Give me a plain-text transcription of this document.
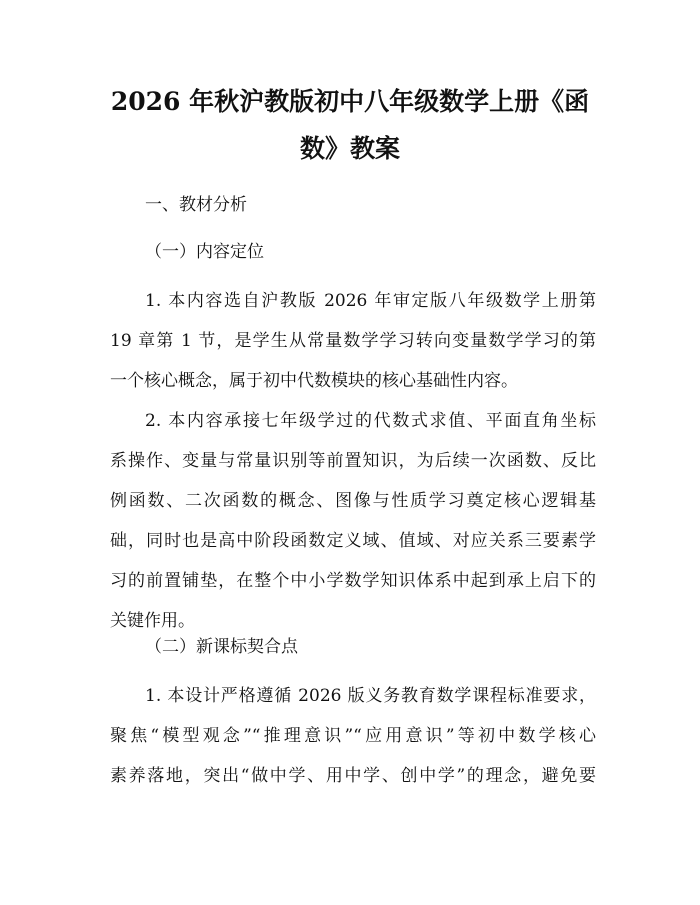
2026 年秋沪教版初中八年级数学上册《函
数》教案
一、教材分析
（一）内容定位
1. 本内容选自沪教版 2026 年审定版八年级数学上册第
19 章第 1 节，是学生从常量数学学习转向变量数学学习的第
一个核心概念，属于初中代数模块的核心基础性内容。
2. 本内容承接七年级学过的代数式求值、平面直角坐标
系操作、变量与常量识别等前置知识，为后续一次函数、反比
例函数、二次函数的概念、图像与性质学习奠定核心逻辑基
础，同时也是高中阶段函数定义域、值域、对应关系三要素学
习的前置铺垫，在整个中小学数学知识体系中起到承上启下的
关键作用。
（二）新课标契合点
1. 本设计严格遵循 2026 版义务教育数学课程标准要求，
聚焦“模型观念”“推理意识”“应用意识”等初中数学核心
素养落地，突出“做中学、用中学、创中学”的理念，避免要
